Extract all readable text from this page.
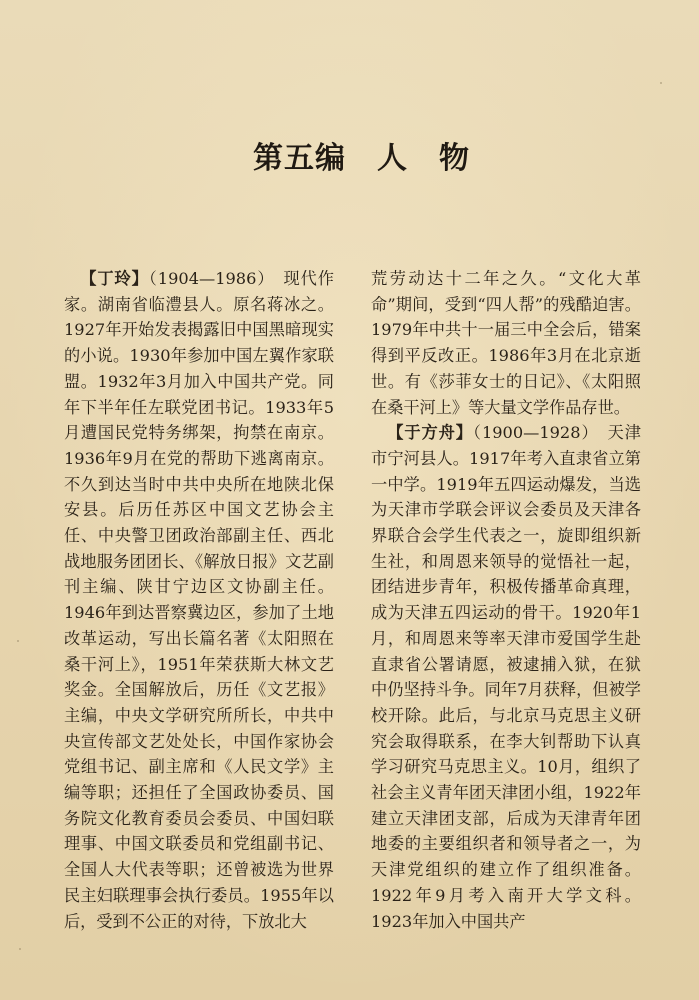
第五编　人　物

【丁玲】（1904—1986）　现代作家。湖南省临澧县人。原名蒋冰之。1927年开始发表揭露旧中国黑暗现实的小说。1930年参加中国左翼作家联盟。1932年3月加入中国共产党。同年下半年任左联党团书记。1933年5月遭国民党特务绑架，拘禁在南京。1936年9月在党的帮助下逃离南京。不久到达当时中共中央所在地陕北保安县。后历任苏区中国文艺协会主任、中央警卫团政治部副主任、西北战地服务团团长、《解放日报》文艺副刊主编、陕甘宁边区文协副主任。1946年到达晋察冀边区，参加了土地改革运动，写出长篇名著《太阳照在桑干河上》，1951年荣获斯大林文艺奖金。全国解放后，历任《文艺报》主编，中央文学研究所所长，中共中央宣传部文艺处处长，中国作家协会党组书记、副主席和《人民文学》主编等职；还担任了全国政协委员、国务院文化教育委员会委员、中国妇联理事、中国文联委员和党组副书记、全国人大代表等职；还曾被选为世界民主妇联理事会执行委员。1955年以后，受到不公正的对待，下放北大

荒劳动达十二年之久。“文化大革命”期间，受到“四人帮”的残酷迫害。1979年中共十一届三中全会后，错案得到平反改正。1986年3月在北京逝世。有《莎菲女士的日记》、《太阳照在桑干河上》等大量文学作品存世。

【于方舟】（1900—1928）　天津市宁河县人。1917年考入直隶省立第一中学。1919年五四运动爆发，当选为天津市学联会评议会委员及天津各界联合会学生代表之一，旋即组织新生社，和周恩来领导的觉悟社一起，团结进步青年，积极传播革命真理，成为天津五四运动的骨干。1920年1月，和周恩来等率天津市爱国学生赴直隶省公署请愿，被逮捕入狱，在狱中仍坚持斗争。同年7月获释，但被学校开除。此后，与北京马克思主义研究会取得联系，在李大钊帮助下认真学习研究马克思主义。10月，组织了社会主义青年团天津团小组，1922年建立天津团支部，后成为天津青年团地委的主要组织者和领导者之一，为天津党组织的建立作了组织准备。1922年9月考入南开大学文科。1923年加入中国共产
